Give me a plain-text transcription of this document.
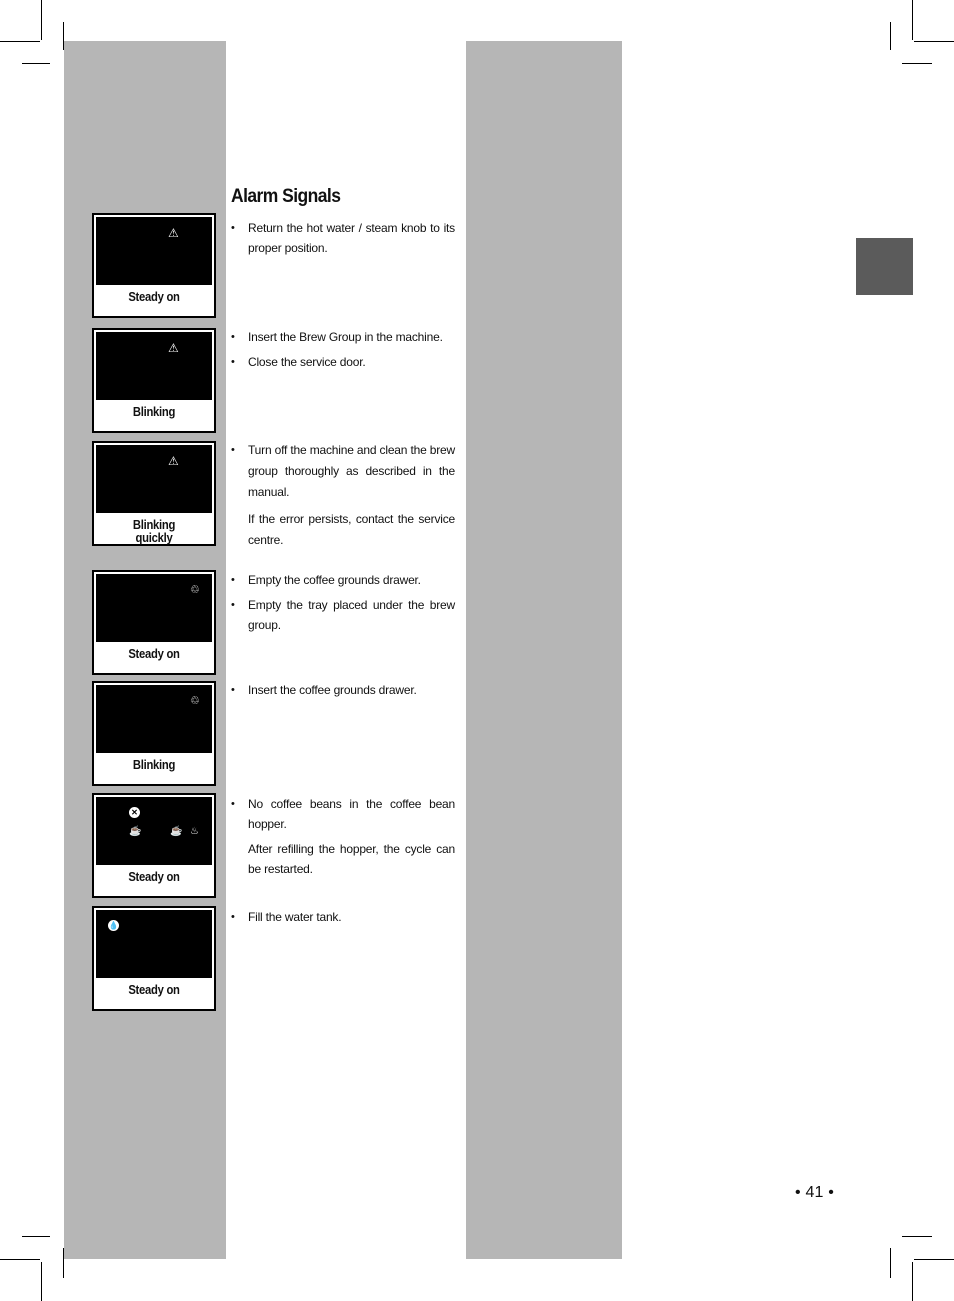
Alarm Signals
⚠
Steady on
• Return the hot water / steam knob to its proper position.
⚠
Blinking
• Insert the Brew Group in the machine.
• Close the service door.
⚠
Blinking quickly
• Turn off the machine and clean the brew group thoroughly as described in the manual.
If the error persists, contact the service centre.
♲
Steady on
• Empty the coffee grounds drawer.
• Empty the tray placed under the brew group.
♲
Blinking
• Insert the coffee grounds drawer.
✕
☕	☕ ♨
Steady on
• No coffee beans in the coffee bean hopper.
After refilling the hopper, the cycle can be restarted.
💧
Steady on
• Fill the water tank.
• 41 •
